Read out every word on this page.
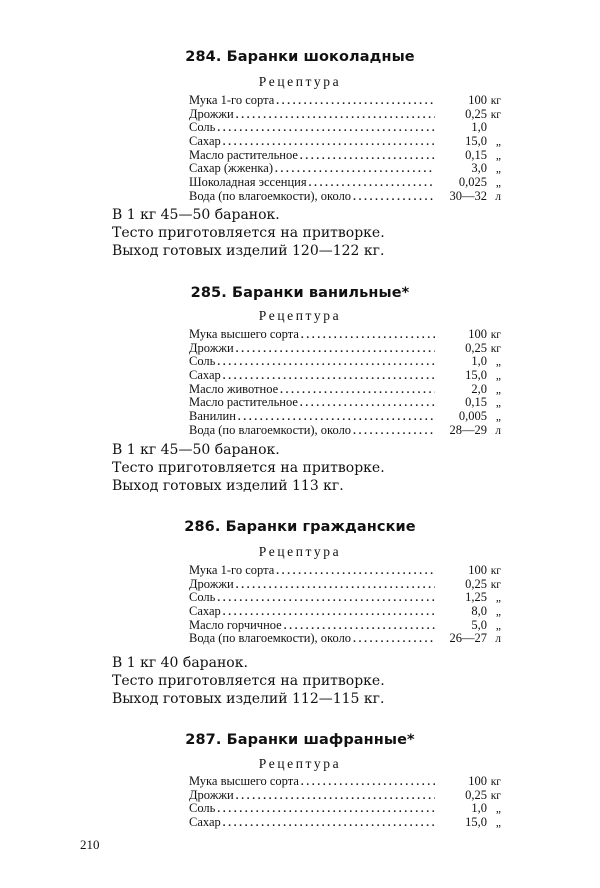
284. Баранки шоколадные
Рецептура
Мука 1-го сорта . . .	100 кг
Дрожжи . . .	0,25 кг
Соль . . .	1,0
Сахар . . .	15,0 „
Масло растительное . . .	0,15 „
Сахар (жженка) . . .	3,0 „
Шоколадная эссенция . . .	0,025 „
Вода (по влагоемкости), около . . .	30—32 л
В 1 кг 45—50 баранок.
Тесто приготовляется на притворке.
Выход готовых изделий 120—122 кг.
285. Баранки ванильные*
Рецептура
Мука высшего сорта . . .	100 кг
Дрожжи . . .	0,25 кг
Соль . . .	1,0 „
Сахар . . .	15,0 „
Масло животное . . .	2,0 „
Масло растительное . . .	0,15 „
Ванилин . . .	0,005 „
Вода (по влагоемкости), около . . .	28—29 л
В 1 кг 45—50 баранок.
Тесто приготовляется на притворке.
Выход готовых изделий 113 кг.
286. Баранки гражданские
Рецептура
Мука 1-го сорта . . .	100 кг
Дрожжи . . .	0,25 кг
Соль . . .	1,25 „
Сахар . . .	8,0 „
Масло горчичное . . .	5,0 „
Вода (по влагоемкости), около . . .	26—27 л
В 1 кг 40 баранок.
Тесто приготовляется на притворке.
Выход готовых изделий 112—115 кг.
287. Баранки шафранные*
Рецептура
Мука высшего сорта . . .	100 кг
Дрожжи . . .	0,25 кг
Соль . . .	1,0 „
Сахар . . .	15,0 „
210
